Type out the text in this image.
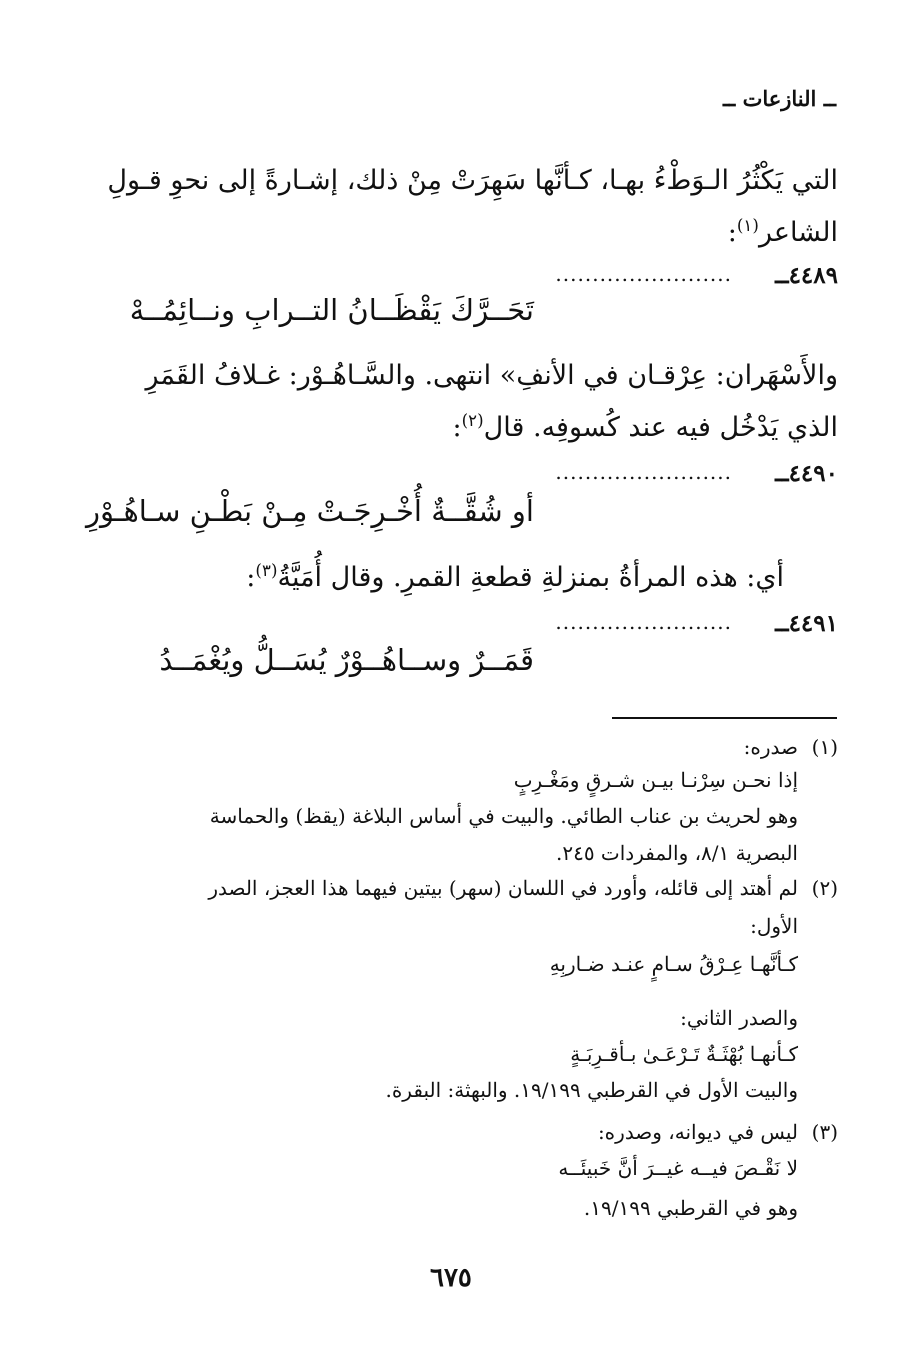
ــ النازعات ــ
التي يَكْثُرُ الـوَطْءُ بهـا، كـأنَّها سَهِرَتْ مِنْ ذلك، إشـارةً إلى نحوِ قـولِ
الشاعر$^{(١)}$:
٤٤٨٩ــ
........................
تَحَــرَّكَ يَقْظَــانُ التــرابِ ونــائِمُــهْ
والأَسْهَران: عِرْقـان في الأنفِ» انتهى. والسَّـاهُـوْر: غـلافُ القَمَرِ
الذي يَدْخُل فيه عند كُسوفِه. قال$^{(٢)}$:
٤٤٩٠ــ
........................
أو شُقَّــةٌ أُخْـرِجَـتْ مِـنْ بَطْـنِ سـاهُـوْرِ
أي: هذه المرأةُ بمنزلةِ قطعةِ القمرِ. وقال أُمَيَّةُ$^{(٣)}$:
٤٤٩١ــ
........................
قَمَــرٌ وســاهُــوْرٌ يُسَــلُّ ويُغْمَــدُ
(١)
صدره:
إذا نحـن سِرْنـا بيـن شـرقٍ ومَغْـرِبٍ
وهو لحريث بن عناب الطائي. والبيت في أساس البلاغة (يقظ) والحماسة
البصرية ٨/١، والمفردات ٢٤٥.
(٢)
لم أهتد إلى قائله، وأورد في اللسان (سهر) بيتين فيهما هذا العجز، الصدر
الأول:
كـأنَّهـا عِـرْقُ سـامٍ عنـد ضـاربِهِ
والصدر الثاني:
كـأنهـا بُهْثَـةٌ تَـرْعَـىٰ بـأقـرِبَـةٍ
والبيت الأول في القرطبي ١٩/١٩٩. والبهثة: البقرة.
(٣)
ليس في ديوانه، وصدره:
لا نَقْـصَ فيــه غيــرَ أنَّ خَبيئَــه
وهو في القرطبي ١٩/١٩٩.
٦٧٥
